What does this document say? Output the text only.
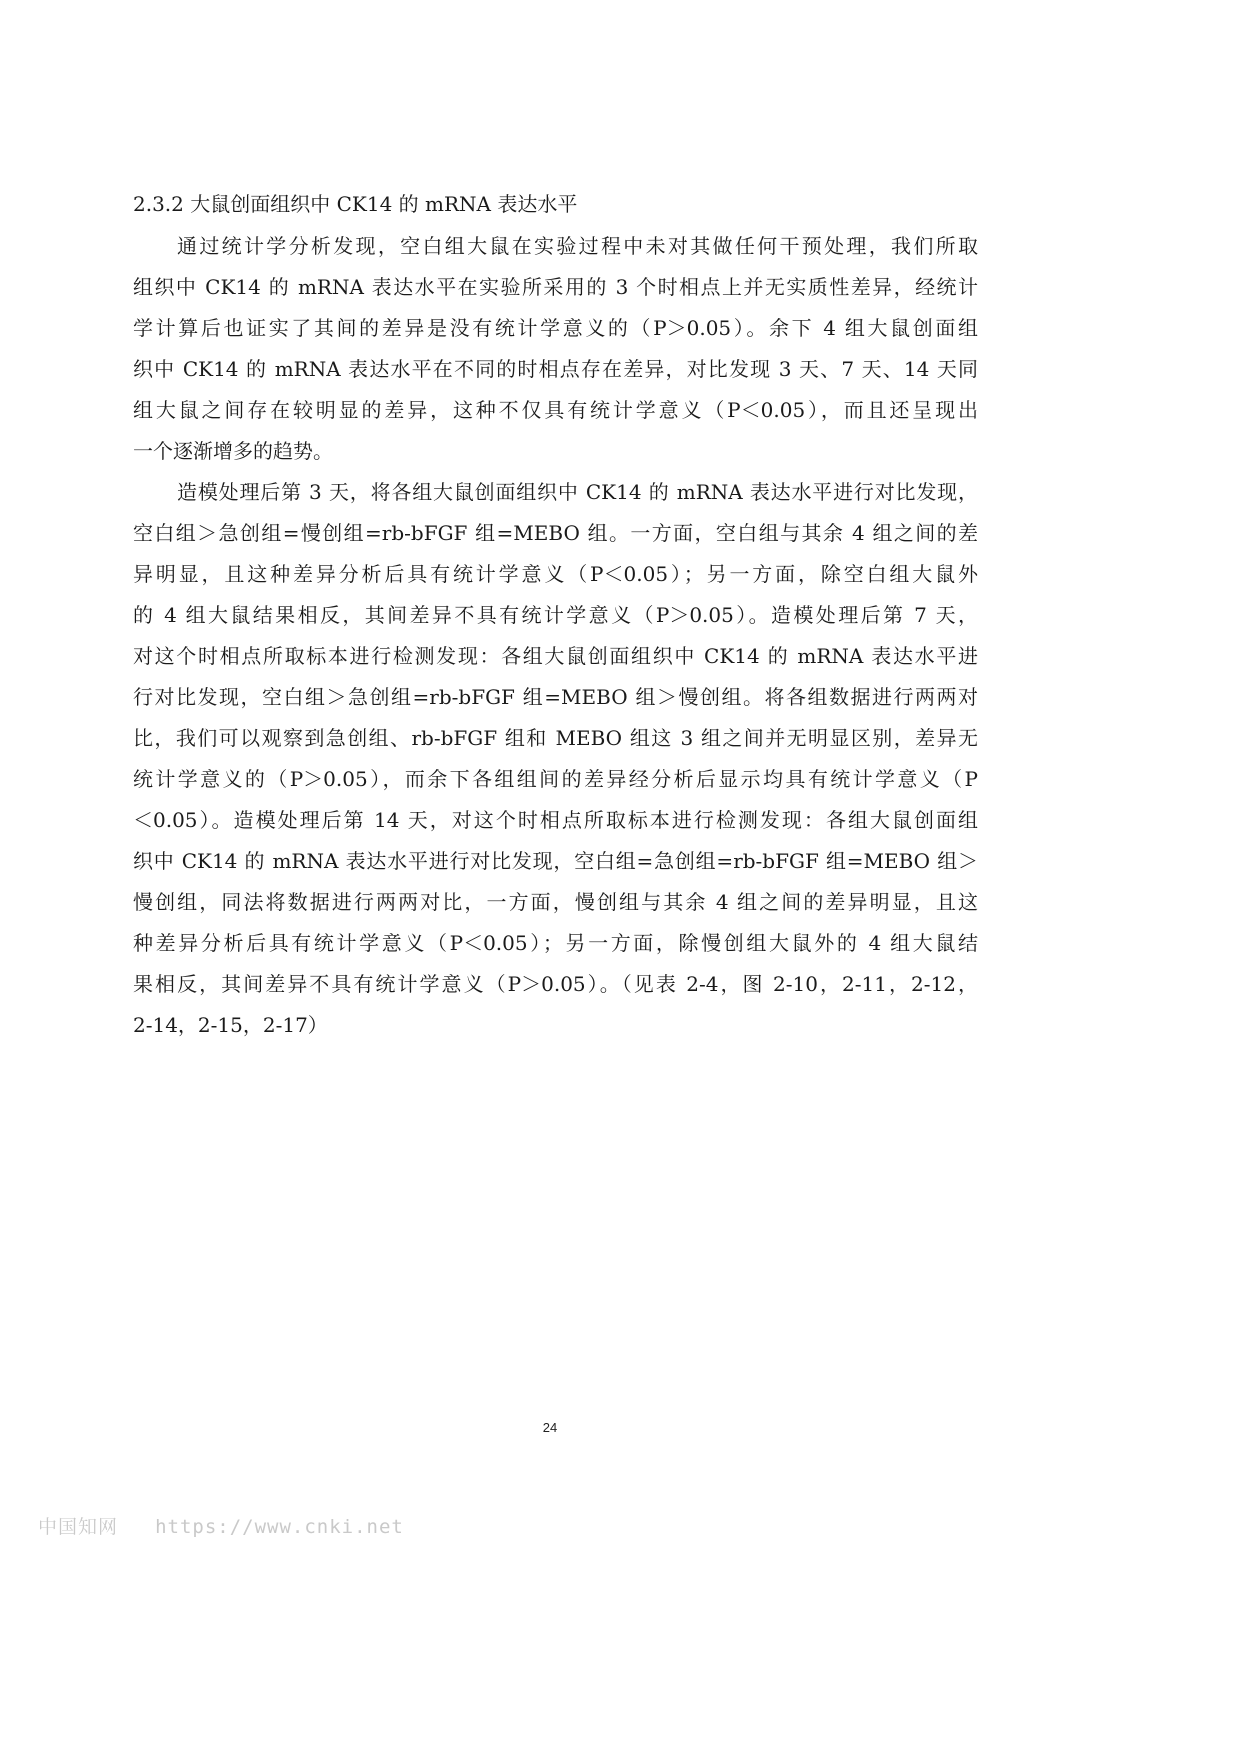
2.3.2 大鼠创面组织中 CK14 的 mRNA 表达水平
通过统计学分析发现，空白组大鼠在实验过程中未对其做任何干预处理，我们所取
组织中 CK14 的 mRNA 表达水平在实验所采用的 3 个时相点上并无实质性差异，经统计
学计算后也证实了其间的差异是没有统计学意义的（P＞0.05）。余下 4 组大鼠创面组
织中 CK14 的 mRNA 表达水平在不同的时相点存在差异，对比发现 3 天、7 天、14 天同
组大鼠之间存在较明显的差异，这种不仅具有统计学意义（P＜0.05），而且还呈现出
一个逐渐增多的趋势。
造模处理后第 3 天，将各组大鼠创面组织中 CK14 的 mRNA 表达水平进行对比发现，
空白组＞急创组=慢创组=rb-bFGF 组=MEBO 组。一方面，空白组与其余 4 组之间的差
异明显，且这种差异分析后具有统计学意义（P＜0.05）；另一方面，除空白组大鼠外
的 4 组大鼠结果相反，其间差异不具有统计学意义（P＞0.05）。造模处理后第 7 天，
对这个时相点所取标本进行检测发现：各组大鼠创面组织中 CK14 的 mRNA 表达水平进
行对比发现，空白组＞急创组=rb-bFGF 组=MEBO 组＞慢创组。将各组数据进行两两对
比，我们可以观察到急创组、rb-bFGF 组和 MEBO 组这 3 组之间并无明显区别，差异无
统计学意义的（P＞0.05），而余下各组组间的差异经分析后显示均具有统计学意义（P
＜0.05）。造模处理后第 14 天，对这个时相点所取标本进行检测发现：各组大鼠创面组
织中 CK14 的 mRNA 表达水平进行对比发现，空白组=急创组=rb-bFGF 组=MEBO 组＞
慢创组，同法将数据进行两两对比，一方面，慢创组与其余 4 组之间的差异明显，且这
种差异分析后具有统计学意义（P＜0.05）；另一方面，除慢创组大鼠外的 4 组大鼠结
果相反，其间差异不具有统计学意义（P＞0.05）。（见表 2-4，图 2-10，2-11，2-12，
2-14，2-15，2-17）
24
中国知网 https://www.cnki.net
